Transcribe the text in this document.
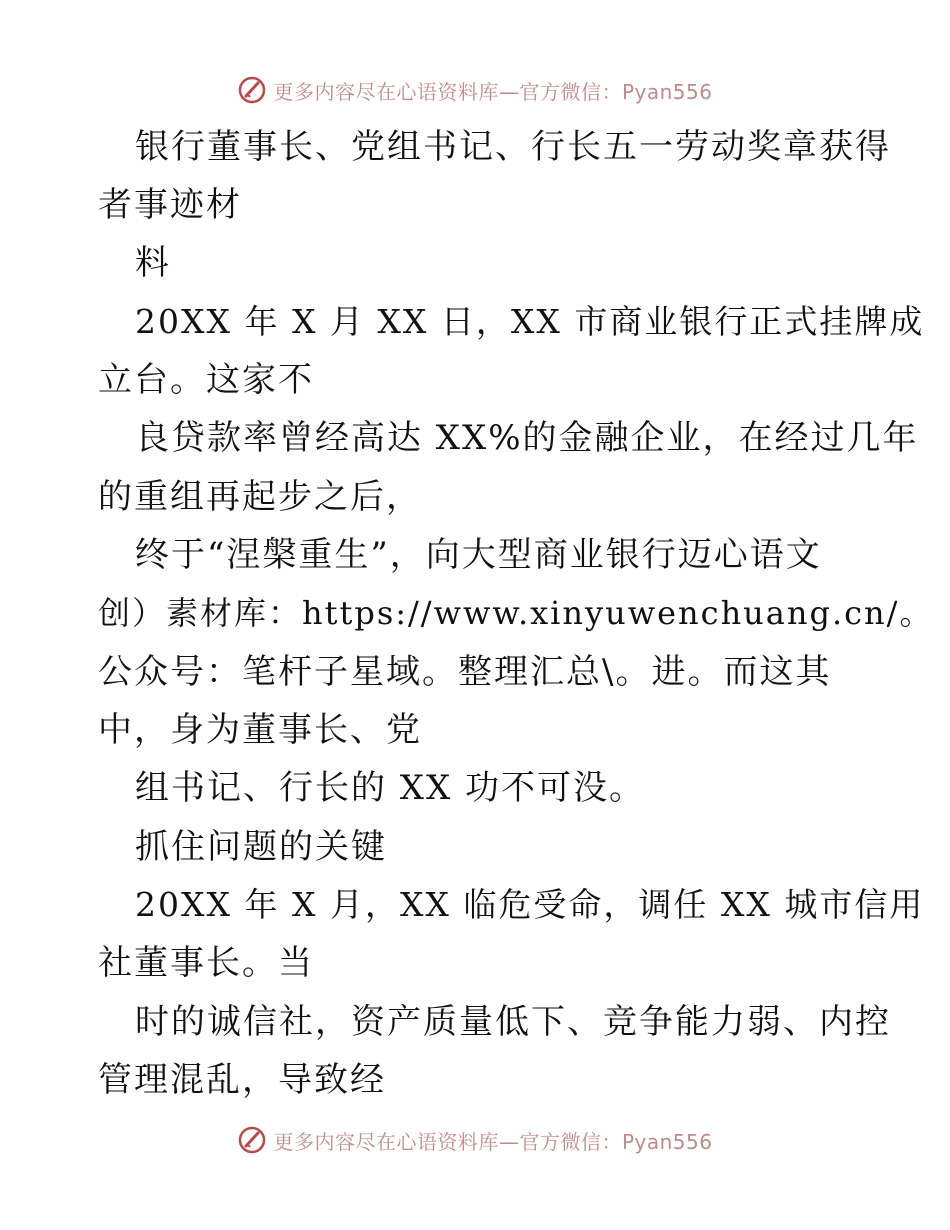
更多内容尽在心语资料库—官方微信：Pyan556
银行董事长、党组书记、行长五一劳动奖章获得
者事迹材
料
20XX 年 X 月 XX 日，XX 市商业银行正式挂牌成
立台。这家不
良贷款率曾经高达 XX%的金融企业，在经过几年
的重组再起步之后，
终于“涅槃重生”，向大型商业银行迈心语文
创）素材库：https://www.xinyuwenchuang.cn/。
公众号：笔杆子星域。整理汇总\。进。而这其
中，身为董事长、党
组书记、行长的 XX 功不可没。
抓住问题的关键
20XX 年 X 月，XX 临危受命，调任 XX 城市信用
社董事长。当
时的诚信社，资产质量低下、竞争能力弱、内控
管理混乱，导致经
更多内容尽在心语资料库—官方微信：Pyan556
